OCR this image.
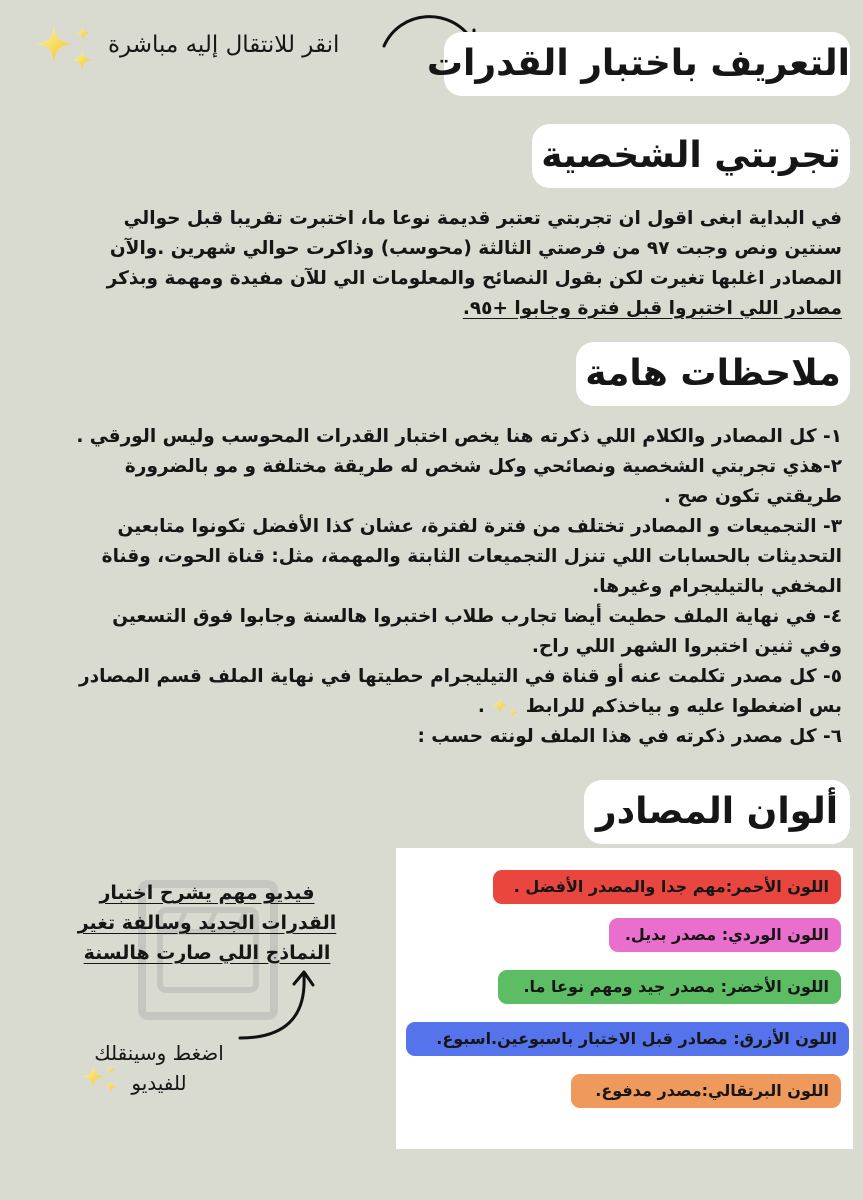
انقر للانتقال إليه مباشرة التعريف باختبار القدرات
تجربتي الشخصية

في البداية ابغى اقول ان تجربتي تعتبر قديمة نوعا ما، اختبرت تقريبا قبل حوالي

سنتين ونص وجبت ٩٧ من فرصتي الثالثة (محوسب) وذاكرت حوالي شهرين .والآن

المصادر اغلبها تغيرت لكن بقول النصائح والمعلومات الي للآن مفيدة ومهمة وبذكر

مصادر اللي اختبروا قبل فترة وجابوا +٩٥.

ملاحظات هامة

١- كل المصادر والكلام اللي ذكرته هنا يخص اختبار القدرات المحوسب وليس الورقي .

٢-هذي تجربتي الشخصية ونصائحي وكل شخص له طريقة مختلفة و مو بالضرورة

طريقتي تكون صح .

٣- التجميعات و المصادر تختلف من فترة لفترة، عشان كذا الأفضل تكونوا متابعين

التحديثات بالحسابات اللي تنزل التجميعات الثابتة والمهمة، مثل: قناة الحوت، وقناة

المخفي بالتيليجرام وغيرها.

٤- في نهاية الملف حطيت أيضا تجارب طلاب اختبروا هالسنة وجابوا فوق التسعين

وفي ثنين اختبروا الشهر اللي راح.

٥- كل مصدر تكلمت عنه أو قناة في التيليجرام حطيتها في نهاية الملف قسم المصادر

بس اضغطوا عليه و بياخذكم للرابط  .

٦- كل مصدر ذكرته في هذا الملف لونته حسب :

ألوان المصادر
اللون الأحمر:مهم جدا والمصدر الأفضل .
اللون الوردي: مصدر بديل.
اللون الأخضر: مصدر جيد ومهم نوعا ما.
اللون الأزرق: مصادر قبل الاختبار باسبوعين.اسبوع.
اللون البرتقالي:مصدر مدفوع.
فيديو مهم يشرح اختبار القدرات الجديد وسالفة تغير النماذج اللي صارت هالسنة
اضغط وسينقلك
للفيديو
